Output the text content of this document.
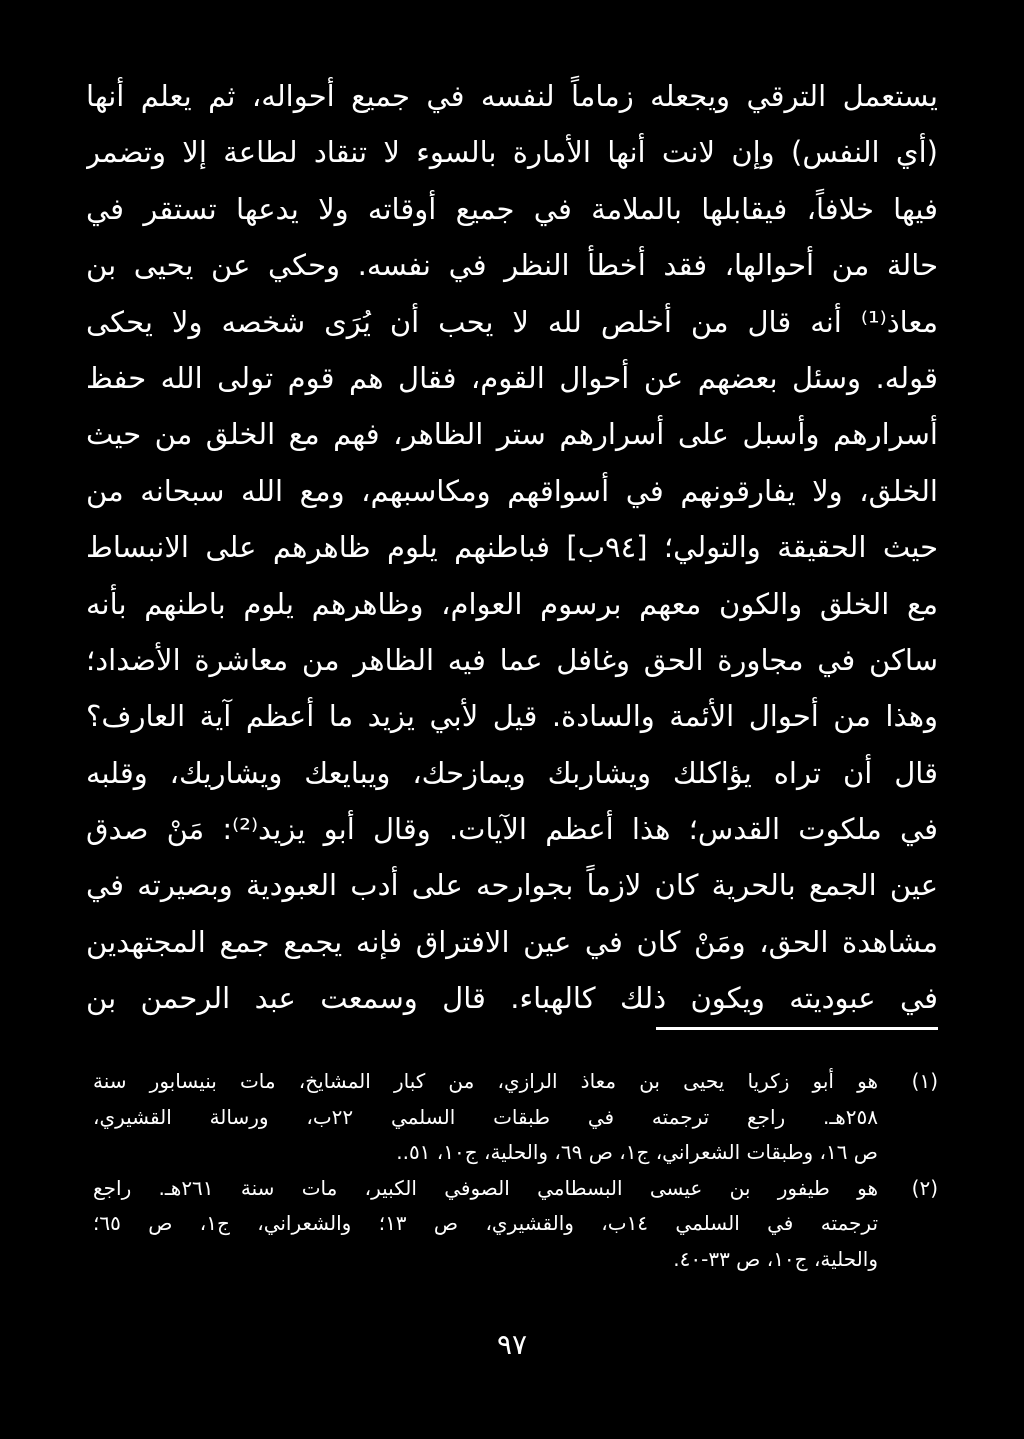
يستعمل الترقي ويجعله زماماً لنفسه في جميع أحواله، ثم يعلم أنها
(أي النفس) وإن لانت أنها الأمارة بالسوء لا تنقاد لطاعة إلا وتضمر
فيها خلافاً، فيقابلها بالملامة في جميع أوقاته ولا يدعها تستقر في
حالة من أحوالها، فقد أخطأ النظر في نفسه. وحكي عن يحيى بن
معاذ⁽¹⁾ أنه قال من أخلص لله لا يحب أن يُرَى شخصه ولا يحكى
قوله. وسئل بعضهم عن أحوال القوم، فقال هم قوم تولى الله حفظ
أسرارهم وأسبل على أسرارهم ستر الظاهر، فهم مع الخلق من حيث
الخلق، ولا يفارقونهم في أسواقهم ومكاسبهم، ومع الله سبحانه من
حيث الحقيقة والتولي؛ [٩٤ب] فباطنهم يلوم ظاهرهم على الانبساط
مع الخلق والكون معهم برسوم العوام، وظاهرهم يلوم باطنهم بأنه
ساكن في مجاورة الحق وغافل عما فيه الظاهر من معاشرة الأضداد؛
وهذا من أحوال الأئمة والسادة. قيل لأبي يزيد ما أعظم آية العارف؟
قال أن تراه يؤاكلك ويشاربك ويمازحك، ويبايعك ويشاريك، وقلبه
في ملكوت القدس؛ هذا أعظم الآيات. وقال أبو يزيد⁽²⁾: مَنْ صدق
عين الجمع بالحرية كان لازماً بجوارحه على أدب العبودية وبصيرته في
مشاهدة الحق، ومَنْ كان في عين الافتراق فإنه يجمع جمع المجتهدين
في عبوديته ويكون ذلك كالهباء. قال وسمعت عبد الرحمن بن
(١)هو أبو زكريا يحيى بن معاذ الرازي، من كبار المشايخ، مات بنيسابور سنة
٢٥٨هـ. راجع ترجمته في طبقات السلمي ٢٢ب، ورسالة القشيري،
ص ١٦، وطبقات الشعراني، ج١، ص ٦٩، والحلية، ج١٠، ٥١..
(٢)هو طيفور بن عيسى البسطامي الصوفي الكبير، مات سنة ٢٦١هـ. راجع
ترجمته في السلمي ١٤ب، والقشيري، ص ١٣؛ والشعراني، ج١، ص ٦٥؛
والحلية، ج١٠، ص ٣٣-٤٠.
٩٧
